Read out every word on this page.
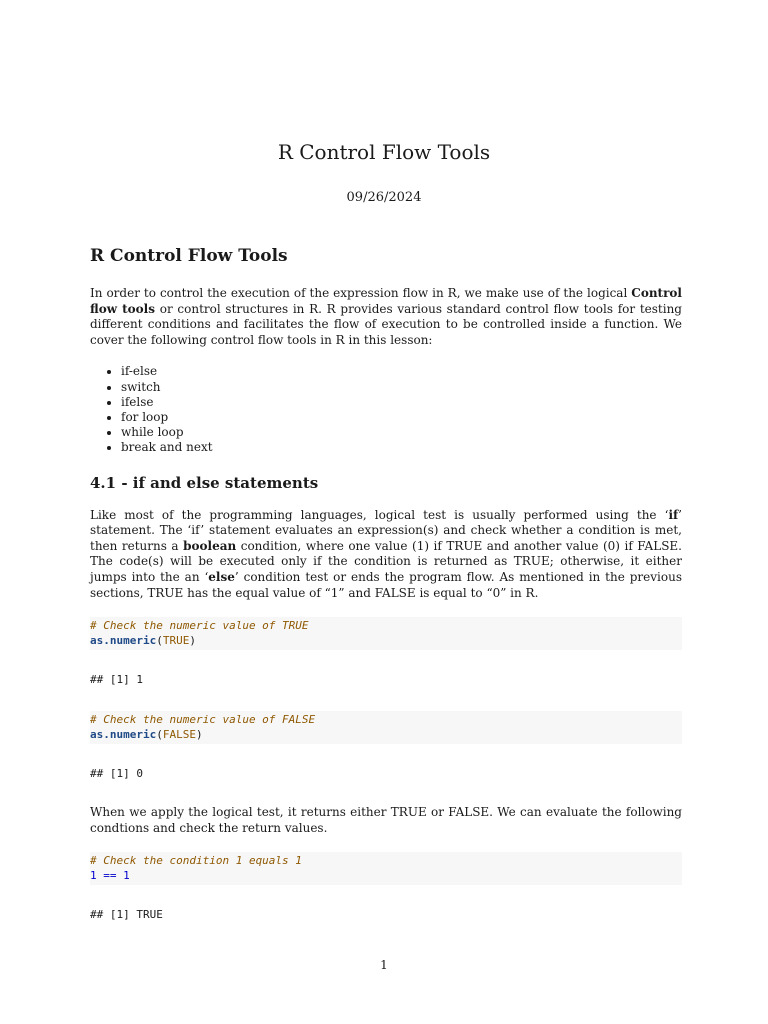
R Control Flow Tools
09/26/2024
R Control Flow Tools

In order to control the execution of the expression flow in R, we make use of the logical Control flow tools or control structures in R. R provides various standard control flow tools for testing different conditions and facilitates the flow of execution to be controlled inside a function. We cover the following control flow tools in R in this lesson:

• if-else
• switch
• ifelse
• for loop
• while loop
• break and next
4.1 - if and else statements

Like most of the programming languages, logical test is usually performed using the ‘if’ statement. The ‘if’ statement evaluates an expression(s) and check whether a condition is met, then returns a boolean condition, where one value (1) if TRUE and another value (0) if FALSE. The code(s) will be executed only if the condition is returned as TRUE; otherwise, it either jumps into the an ‘else’ condition test or ends the program flow. As mentioned in the previous sections, TRUE has the equal value of “1” and FALSE is equal to “0” in R.

# Check the numeric value of TRUE
as.numeric(TRUE)
## [1] 1
# Check the numeric value of FALSE
as.numeric(FALSE)
## [1] 0

When we apply the logical test, it returns either TRUE or FALSE. We can evaluate the following condtions and check the return values.

# Check the condition 1 equals 1
1 == 1
## [1] TRUE
1
